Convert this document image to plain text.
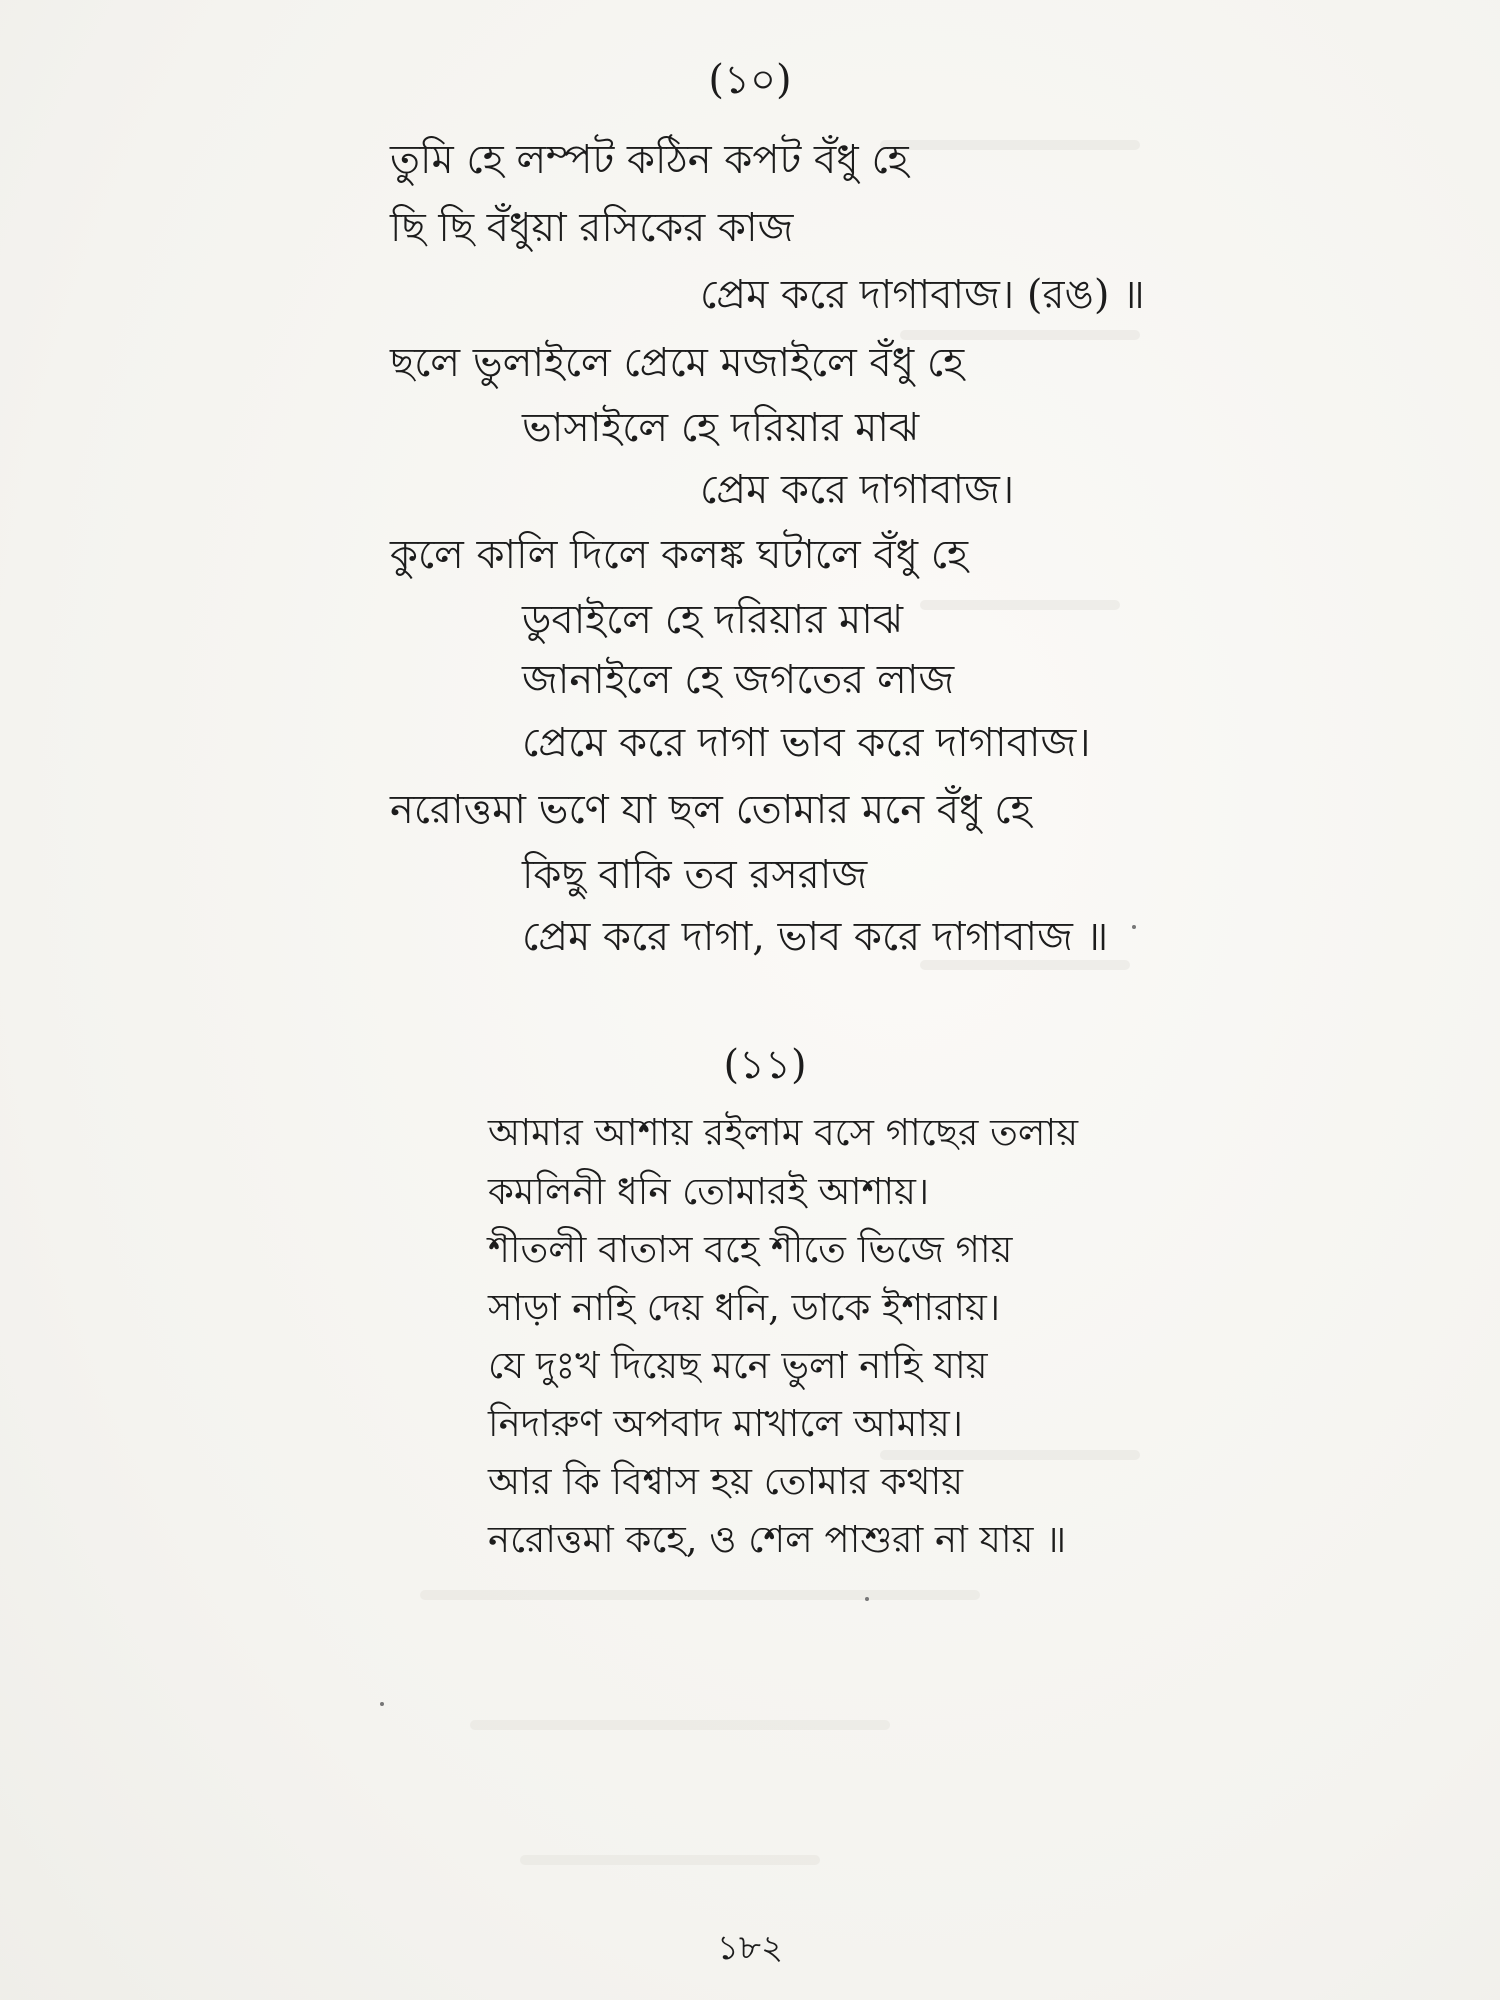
(১০)

তুমি হে লম্পট কঠিন কপট বঁধু হে

ছি ছি বঁধুয়া রসিকের কাজ

প্রেম করে দাগাবাজ। (রঙ) ॥

ছলে ভুলাইলে প্রেমে মজাইলে বঁধু হে

ভাসাইলে হে দরিয়ার মাঝ

প্রেম করে দাগাবাজ।

কুলে কালি দিলে কলঙ্ক ঘটালে বঁধু হে

ডুবাইলে হে দরিয়ার মাঝ

জানাইলে হে জগতের লাজ

প্রেমে করে দাগা ভাব করে দাগাবাজ।

নরোত্তমা ভণে যা ছল তোমার মনে বঁধু হে

কিছু বাকি তব রসরাজ

প্রেম করে দাগা, ভাব করে দাগাবাজ ॥

(১১)

আমার আশায় রইলাম বসে গাছের তলায়

কমলিনী ধনি তোমারই আশায়।

শীতলী বাতাস বহে শীতে ভিজে গায়

সাড়া নাহি দেয় ধনি, ডাকে ইশারায়।

যে দুঃখ দিয়েছ মনে ভুলা নাহি যায়

নিদারুণ অপবাদ মাখালে আমায়।

আর কি বিশ্বাস হয় তোমার কথায়

নরোত্তমা কহে, ও শেল পাশুরা না যায় ॥

১৮২
